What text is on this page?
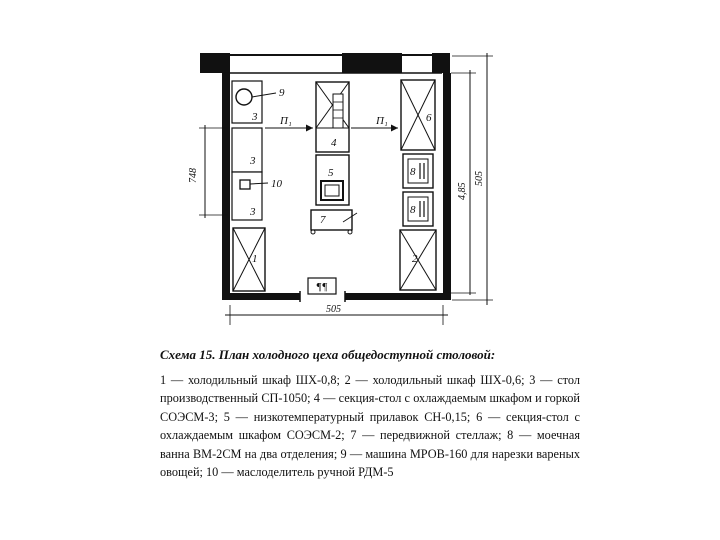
¶¶
9
3
3
10
3
1
4
5
7
6
8
8
2
П₁	П₁
748
4,85
505
505
Схема 15. План холодного цеха общедоступной столовой:
1 — холодильный шкаф ШХ-0,8; 2 — холодильный шкаф ШХ-0,6; 3 — стол производственный СП-1050; 4 — секция-стол с охлаждаемым шкафом и горкой СОЭСМ-3; 5 — низкотемпературный прилавок СН-0,15; 6 — секция-стол с охлаждаемым шкафом СОЭСМ-2; 7 — передвижной стеллаж; 8 — моечная ванна ВМ-2СМ на два отделения; 9 — машина МРОВ-160 для нарезки вареных овощей; 10 — маслоделитель ручной РДМ-5
